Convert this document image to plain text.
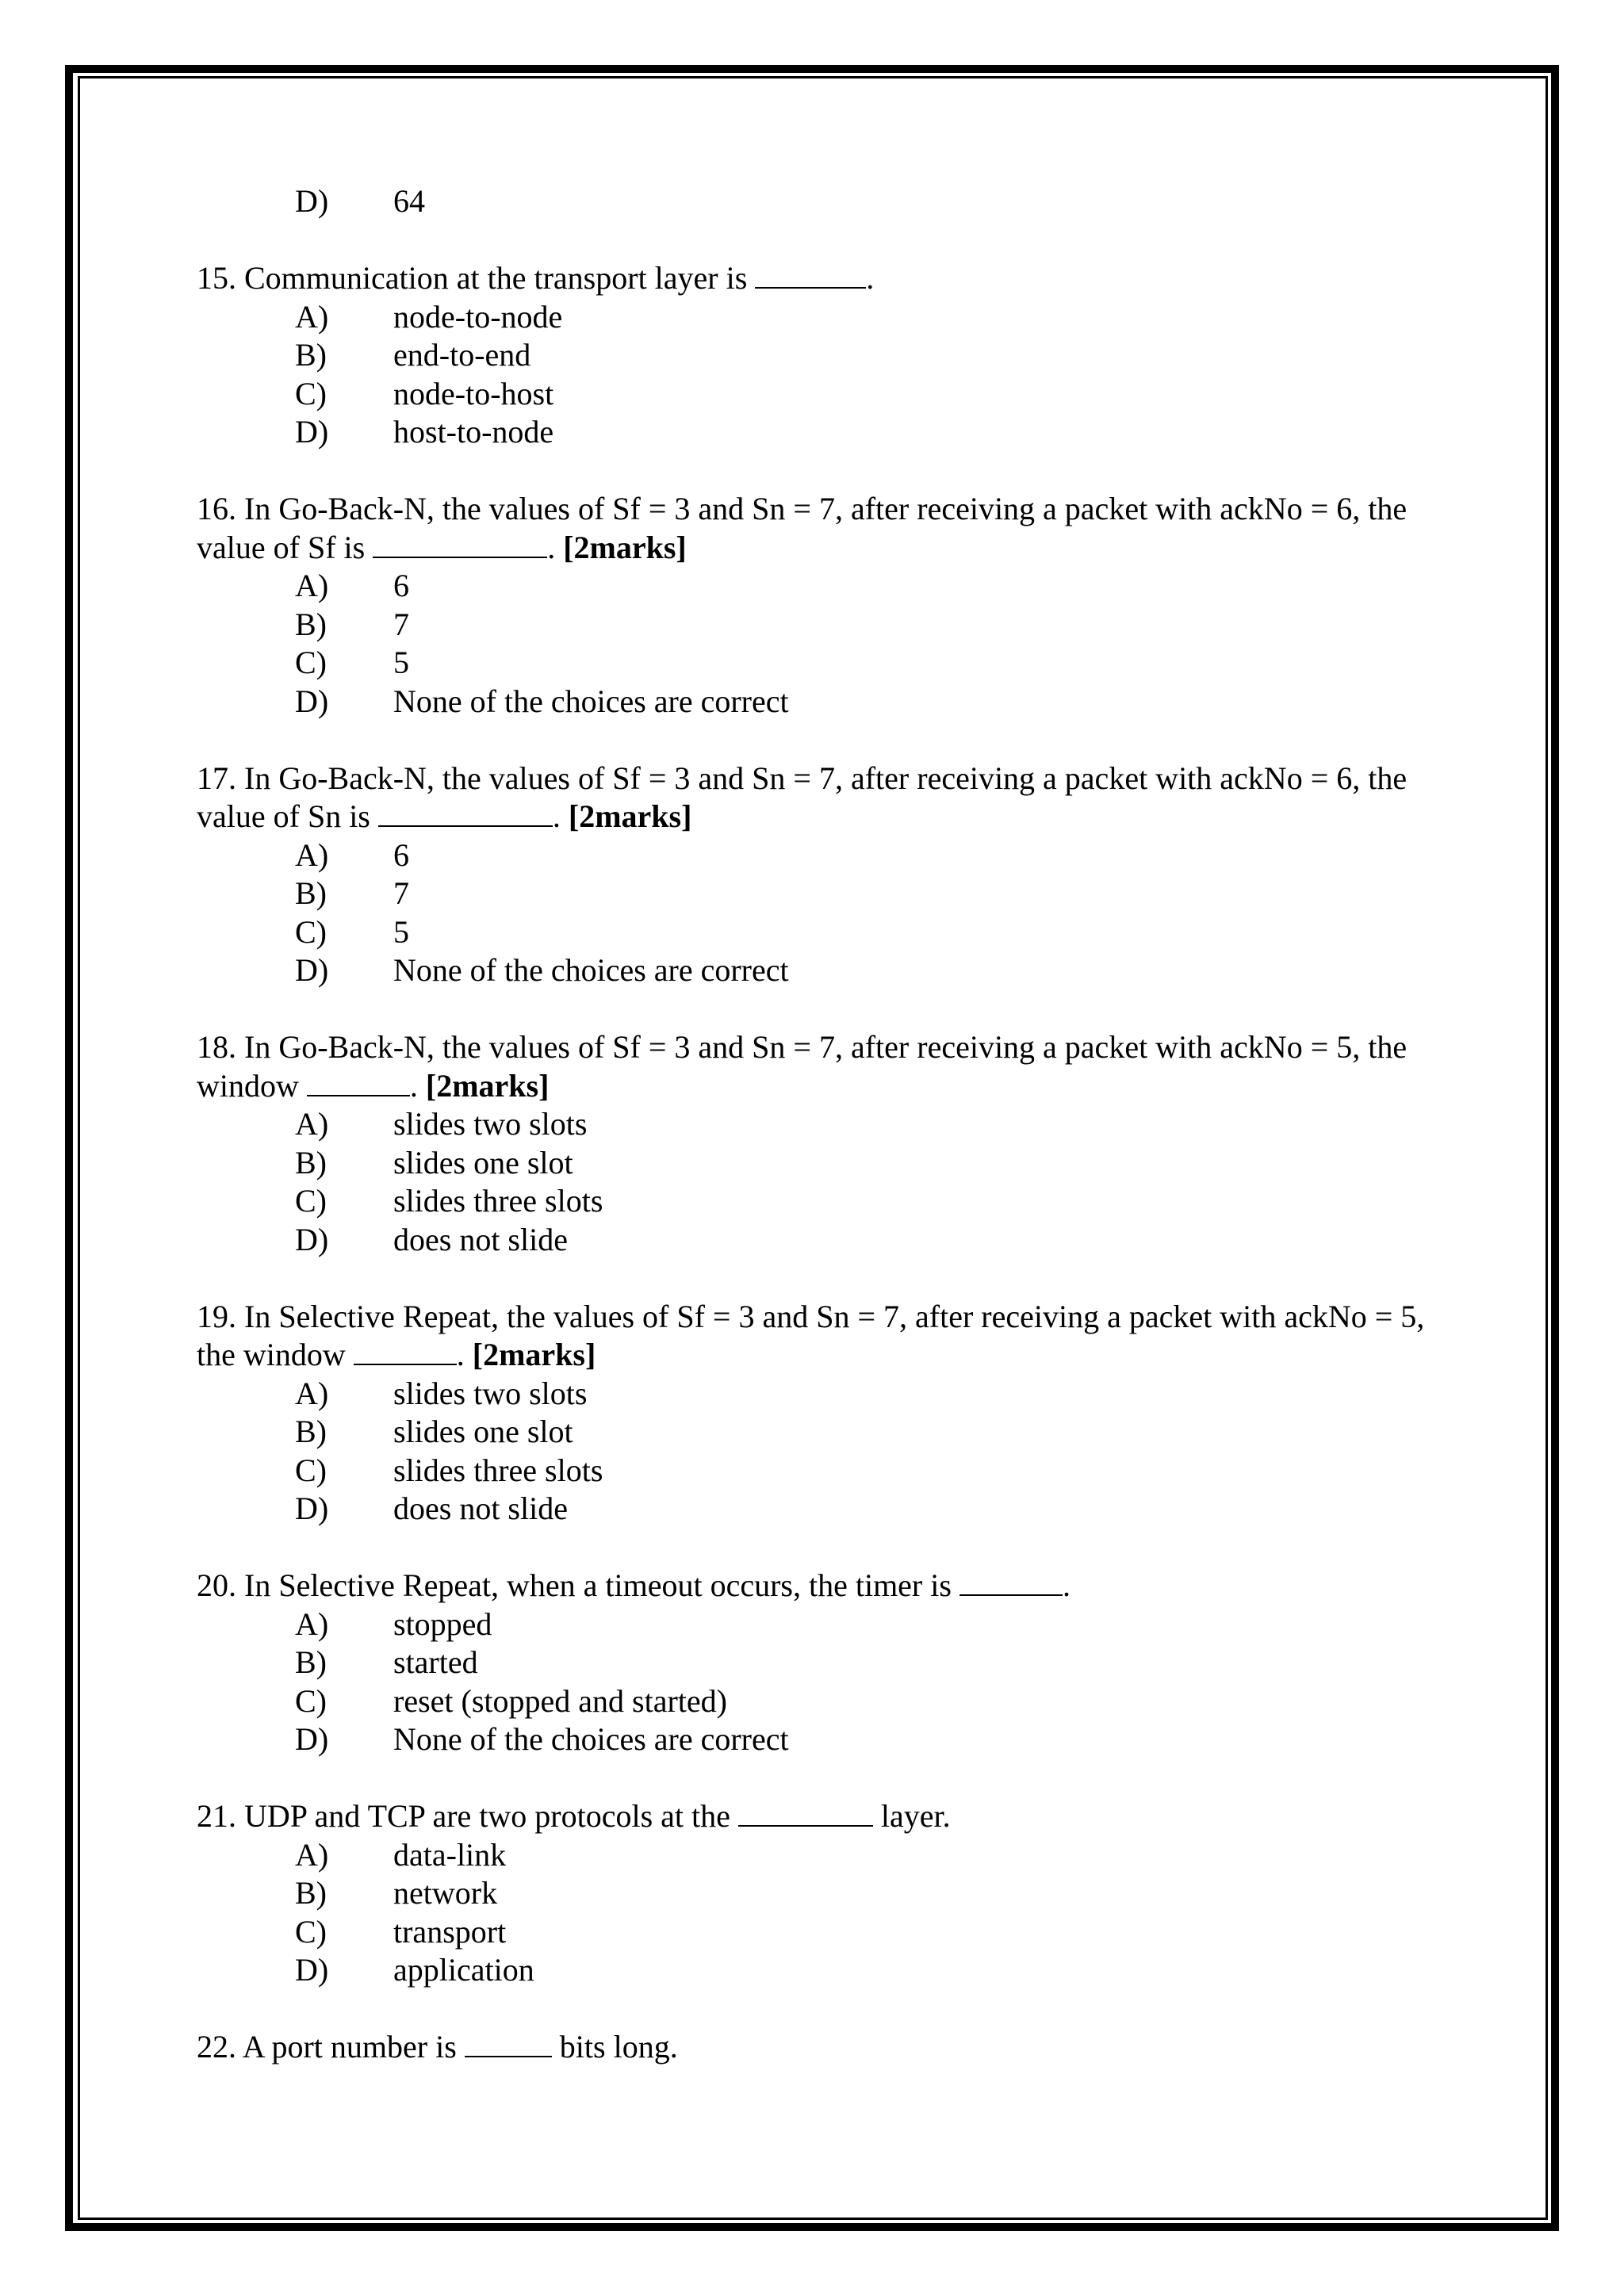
D)	64
15. Communication at the transport layer is	.
A)	node-to-node
B)	end-to-end
C)	node-to-host
D)	host-to-node
16. In Go-Back-N, the values of Sf = 3 and Sn = 7, after receiving a packet with ackNo = 6, the value of Sf is	. [2marks]
A)	6
B)	7
C)	5
D)	None of the choices are correct
17. In Go-Back-N, the values of Sf = 3 and Sn = 7, after receiving a packet with ackNo = 6, the value of Sn is	. [2marks]
A)	6
B)	7
C)	5
D)	None of the choices are correct
18. In Go-Back-N, the values of Sf = 3 and Sn = 7, after receiving a packet with ackNo = 5, the window	. [2marks]
A)	slides two slots
B)	slides one slot
C)	slides three slots
D)	does not slide
19. In Selective Repeat, the values of Sf = 3 and Sn = 7, after receiving a packet with ackNo = 5, the window	. [2marks]
A)	slides two slots
B)	slides one slot
C)	slides three slots
D)	does not slide
20. In Selective Repeat, when a timeout occurs, the timer is	.
A)	stopped
B)	started
C)	reset (stopped and started)
D)	None of the choices are correct
21. UDP and TCP are two protocols at the	layer.
A)	data-link
B)	network
C)	transport
D)	application
22. A port number is	bits long.
